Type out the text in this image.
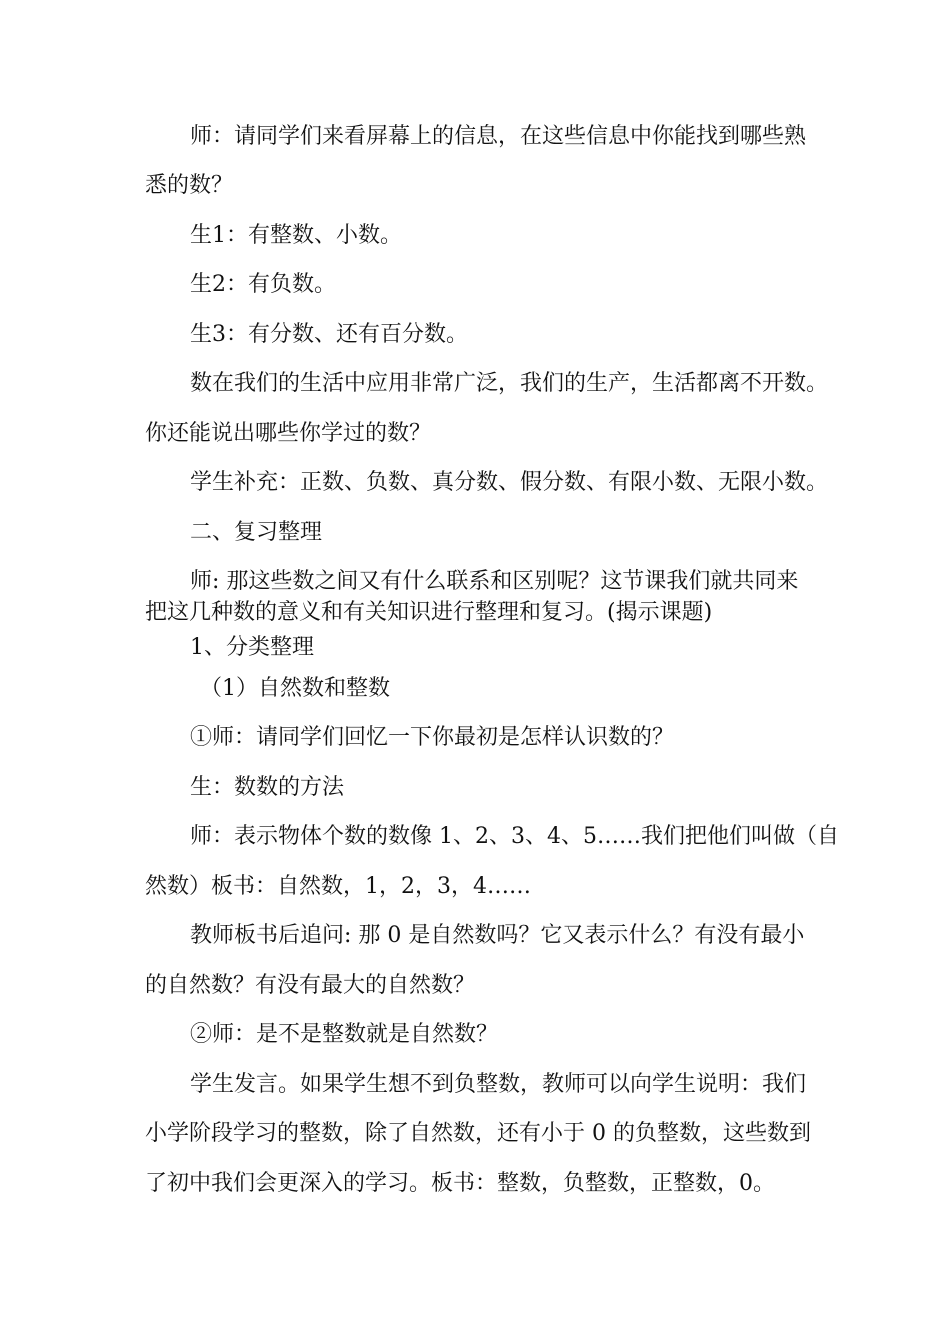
师：请同学们来看屏幕上的信息，在这些信息中你能找到哪些熟
悉的数？
生1：有整数、小数。
生2：有负数。
生3：有分数、还有百分数。
数在我们的生活中应用非常广泛，我们的生产，生活都离不开数。
你还能说出哪些你学过的数？
学生补充：正数、负数、真分数、假分数、有限小数、无限小数。
二、复习整理
师: 那这些数之间又有什么联系和区别呢？这节课我们就共同来
把这几种数的意义和有关知识进行整理和复习。(揭示课题)
1、分类整理
（1）自然数和整数
①师：请同学们回忆一下你最初是怎样认识数的？
生：数数的方法
师：表示物体个数的数像 1、2、3、4、5……我们把他们叫做（自
然数）板书：自然数，1，2，3，4……
教师板书后追问: 那 0 是自然数吗？它又表示什么？有没有最小
的自然数？有没有最大的自然数？
②师：是不是整数就是自然数？
学生发言。如果学生想不到负整数，教师可以向学生说明：我们
小学阶段学习的整数，除了自然数，还有小于 0 的负整数，这些数到
了初中我们会更深入的学习。板书：整数，负整数，正整数，0。
